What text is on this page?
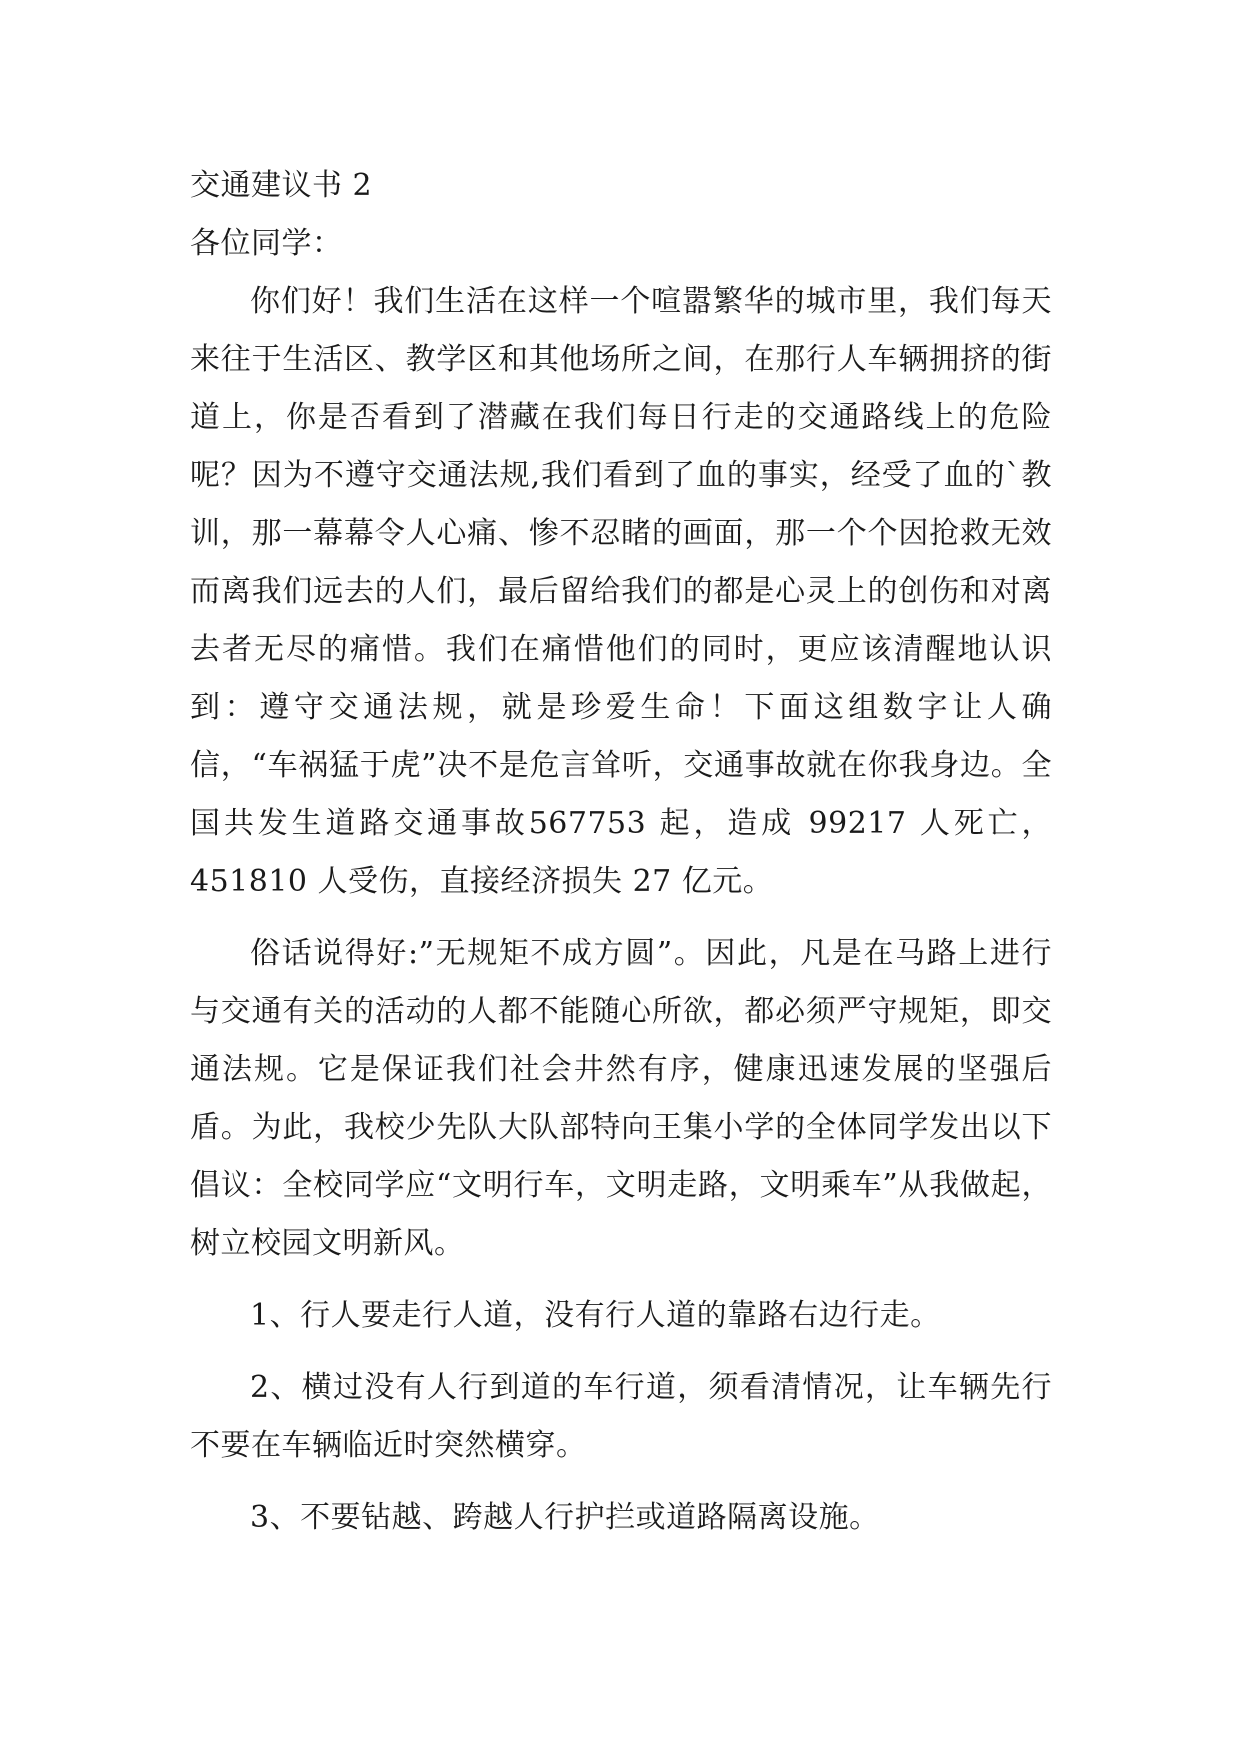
交通建议书 2

各位同学：

你们好！我们生活在这样一个喧嚣繁华的城市里，我们每天来往于生活区、教学区和其他场所之间，在那行人车辆拥挤的街道上，你是否看到了潜藏在我们每日行走的交通路线上的危险呢？因为不遵守交通法规,我们看到了血的事实，经受了血的`教训，那一幕幕令人心痛、惨不忍睹的画面，那一个个因抢救无效而离我们远去的人们，最后留给我们的都是心灵上的创伤和对离去者无尽的痛惜。我们在痛惜他们的同时，更应该清醒地认识到：遵守交通法规，就是珍爱生命！下面这组数字让人确信，“车祸猛于虎”决不是危言耸听，交通事故就在你我身边。全国共发生道路交通事故567753 起，造成 99217 人死亡，451810 人受伤，直接经济损失 27 亿元。

俗话说得好:”无规矩不成方圆”。因此，凡是在马路上进行与交通有关的活动的人都不能随心所欲，都必须严守规矩，即交通法规。它是保证我们社会井然有序，健康迅速发展的坚强后盾。为此，我校少先队大队部特向王集小学的全体同学发出以下倡议：全校同学应“文明行车，文明走路，文明乘车”从我做起，树立校园文明新风。

1、行人要走行人道，没有行人道的靠路右边行走。

2、横过没有人行到道的车行道，须看清情况，让车辆先行不要在车辆临近时突然横穿。

3、不要钻越、跨越人行护拦或道路隔离设施。
